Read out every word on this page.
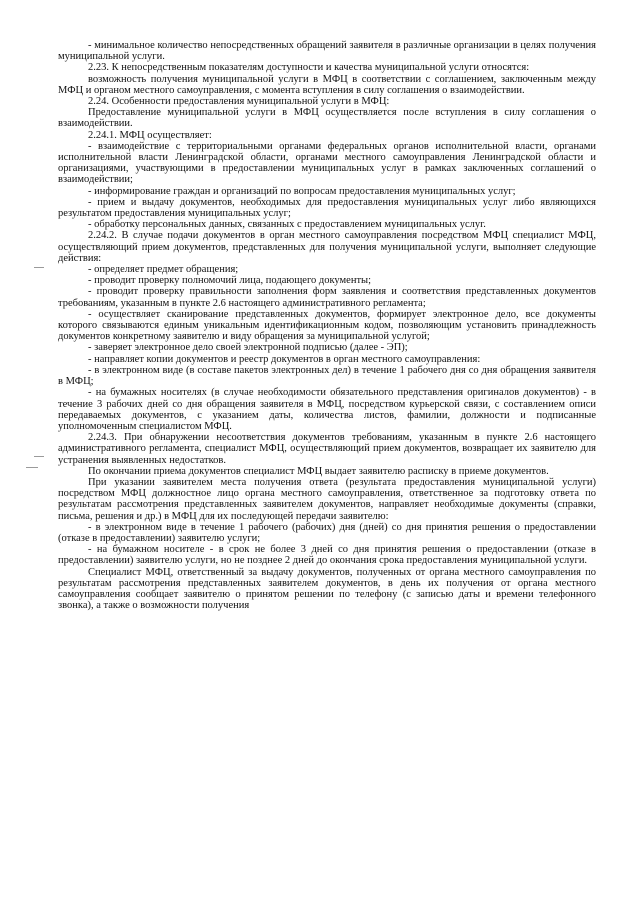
- минимальное количество непосредственных обращений заявителя в различные организации в целях получения муниципальной услуги.

2.23. К непосредственным показателям доступности и качества муниципальной услуги относятся:

возможность получения муниципальной услуги в МФЦ в соответствии с соглашением, заключенным между МФЦ и органом местного самоуправления, с момента вступления в силу соглашения о взаимодействии.

2.24. Особенности предоставления муниципальной услуги в МФЦ:

Предоставление муниципальной услуги в МФЦ осуществляется после вступления в силу соглашения о взаимодействии.

2.24.1. МФЦ осуществляет:

- взаимодействие с территориальными органами федеральных органов исполнительной власти, органами исполнительной власти Ленинградской области, органами местного самоуправления Ленинградской области и организациями, участвующими в предоставлении муниципальных услуг в рамках заключенных соглашений о взаимодействии;

- информирование граждан и организаций по вопросам предоставления муниципальных услуг;

- прием и выдачу документов, необходимых для предоставления муниципальных услуг либо являющихся результатом предоставления муниципальных услуг;

- обработку персональных данных, связанных с предоставлением муниципальных услуг.

2.24.2. В случае подачи документов в орган местного самоуправления посредством МФЦ специалист МФЦ, осуществляющий прием документов, представленных для получения муниципальной услуги, выполняет следующие действия:

- определяет предмет обращения;

- проводит проверку полномочий лица, подающего документы;

- проводит проверку правильности заполнения форм заявления и соответствия представленных документов требованиям, указанным в пункте 2.6 настоящего административного регламента;

- осуществляет сканирование представленных документов, формирует электронное дело, все документы которого связываются единым уникальным идентификационным кодом, позволяющим установить принадлежность документов конкретному заявителю и виду обращения за муниципальной услугой;

- заверяет электронное дело своей электронной подписью (далее - ЭП);

- направляет копии документов и реестр документов в орган местного самоуправления:

- в электронном виде (в составе пакетов электронных дел) в течение 1 рабочего дня со дня обращения заявителя в МФЦ;

- на бумажных носителях (в случае необходимости обязательного представления оригиналов документов) - в течение 3 рабочих дней со дня обращения заявителя в МФЦ, посредством курьерской связи, с составлением описи передаваемых документов, с указанием даты, количества листов, фамилии, должности и подписанные уполномоченным специалистом МФЦ.

2.24.3. При обнаружении несоответствия документов требованиям, указанным в пункте 2.6 настоящего административного регламента, специалист МФЦ, осуществляющий прием документов, возвращает их заявителю для устранения выявленных недостатков.

По окончании приема документов специалист МФЦ выдает заявителю расписку в приеме документов.

При указании заявителем места получения ответа (результата предоставления муниципальной услуги) посредством МФЦ должностное лицо органа местного самоуправления, ответственное за подготовку ответа по результатам рассмотрения представленных заявителем документов, направляет необходимые документы (справки, письма, решения и др.) в МФЦ для их последующей передачи заявителю:

- в электронном виде в течение 1 рабочего (рабочих) дня (дней) со дня принятия решения о предоставлении (отказе в предоставлении) заявителю услуги;

- на бумажном носителе - в срок не более 3 дней со дня принятия решения о предоставлении (отказе в предоставлении) заявителю услуги, но не позднее 2 дней до окончания срока предоставления муниципальной услуги.

Специалист МФЦ, ответственный за выдачу документов, полученных от органа местного самоуправления по результатам рассмотрения представленных заявителем документов, в день их получения от органа местного самоуправления сообщает заявителю о принятом решении по телефону (с записью даты и времени телефонного звонка), а также о возможности получения
